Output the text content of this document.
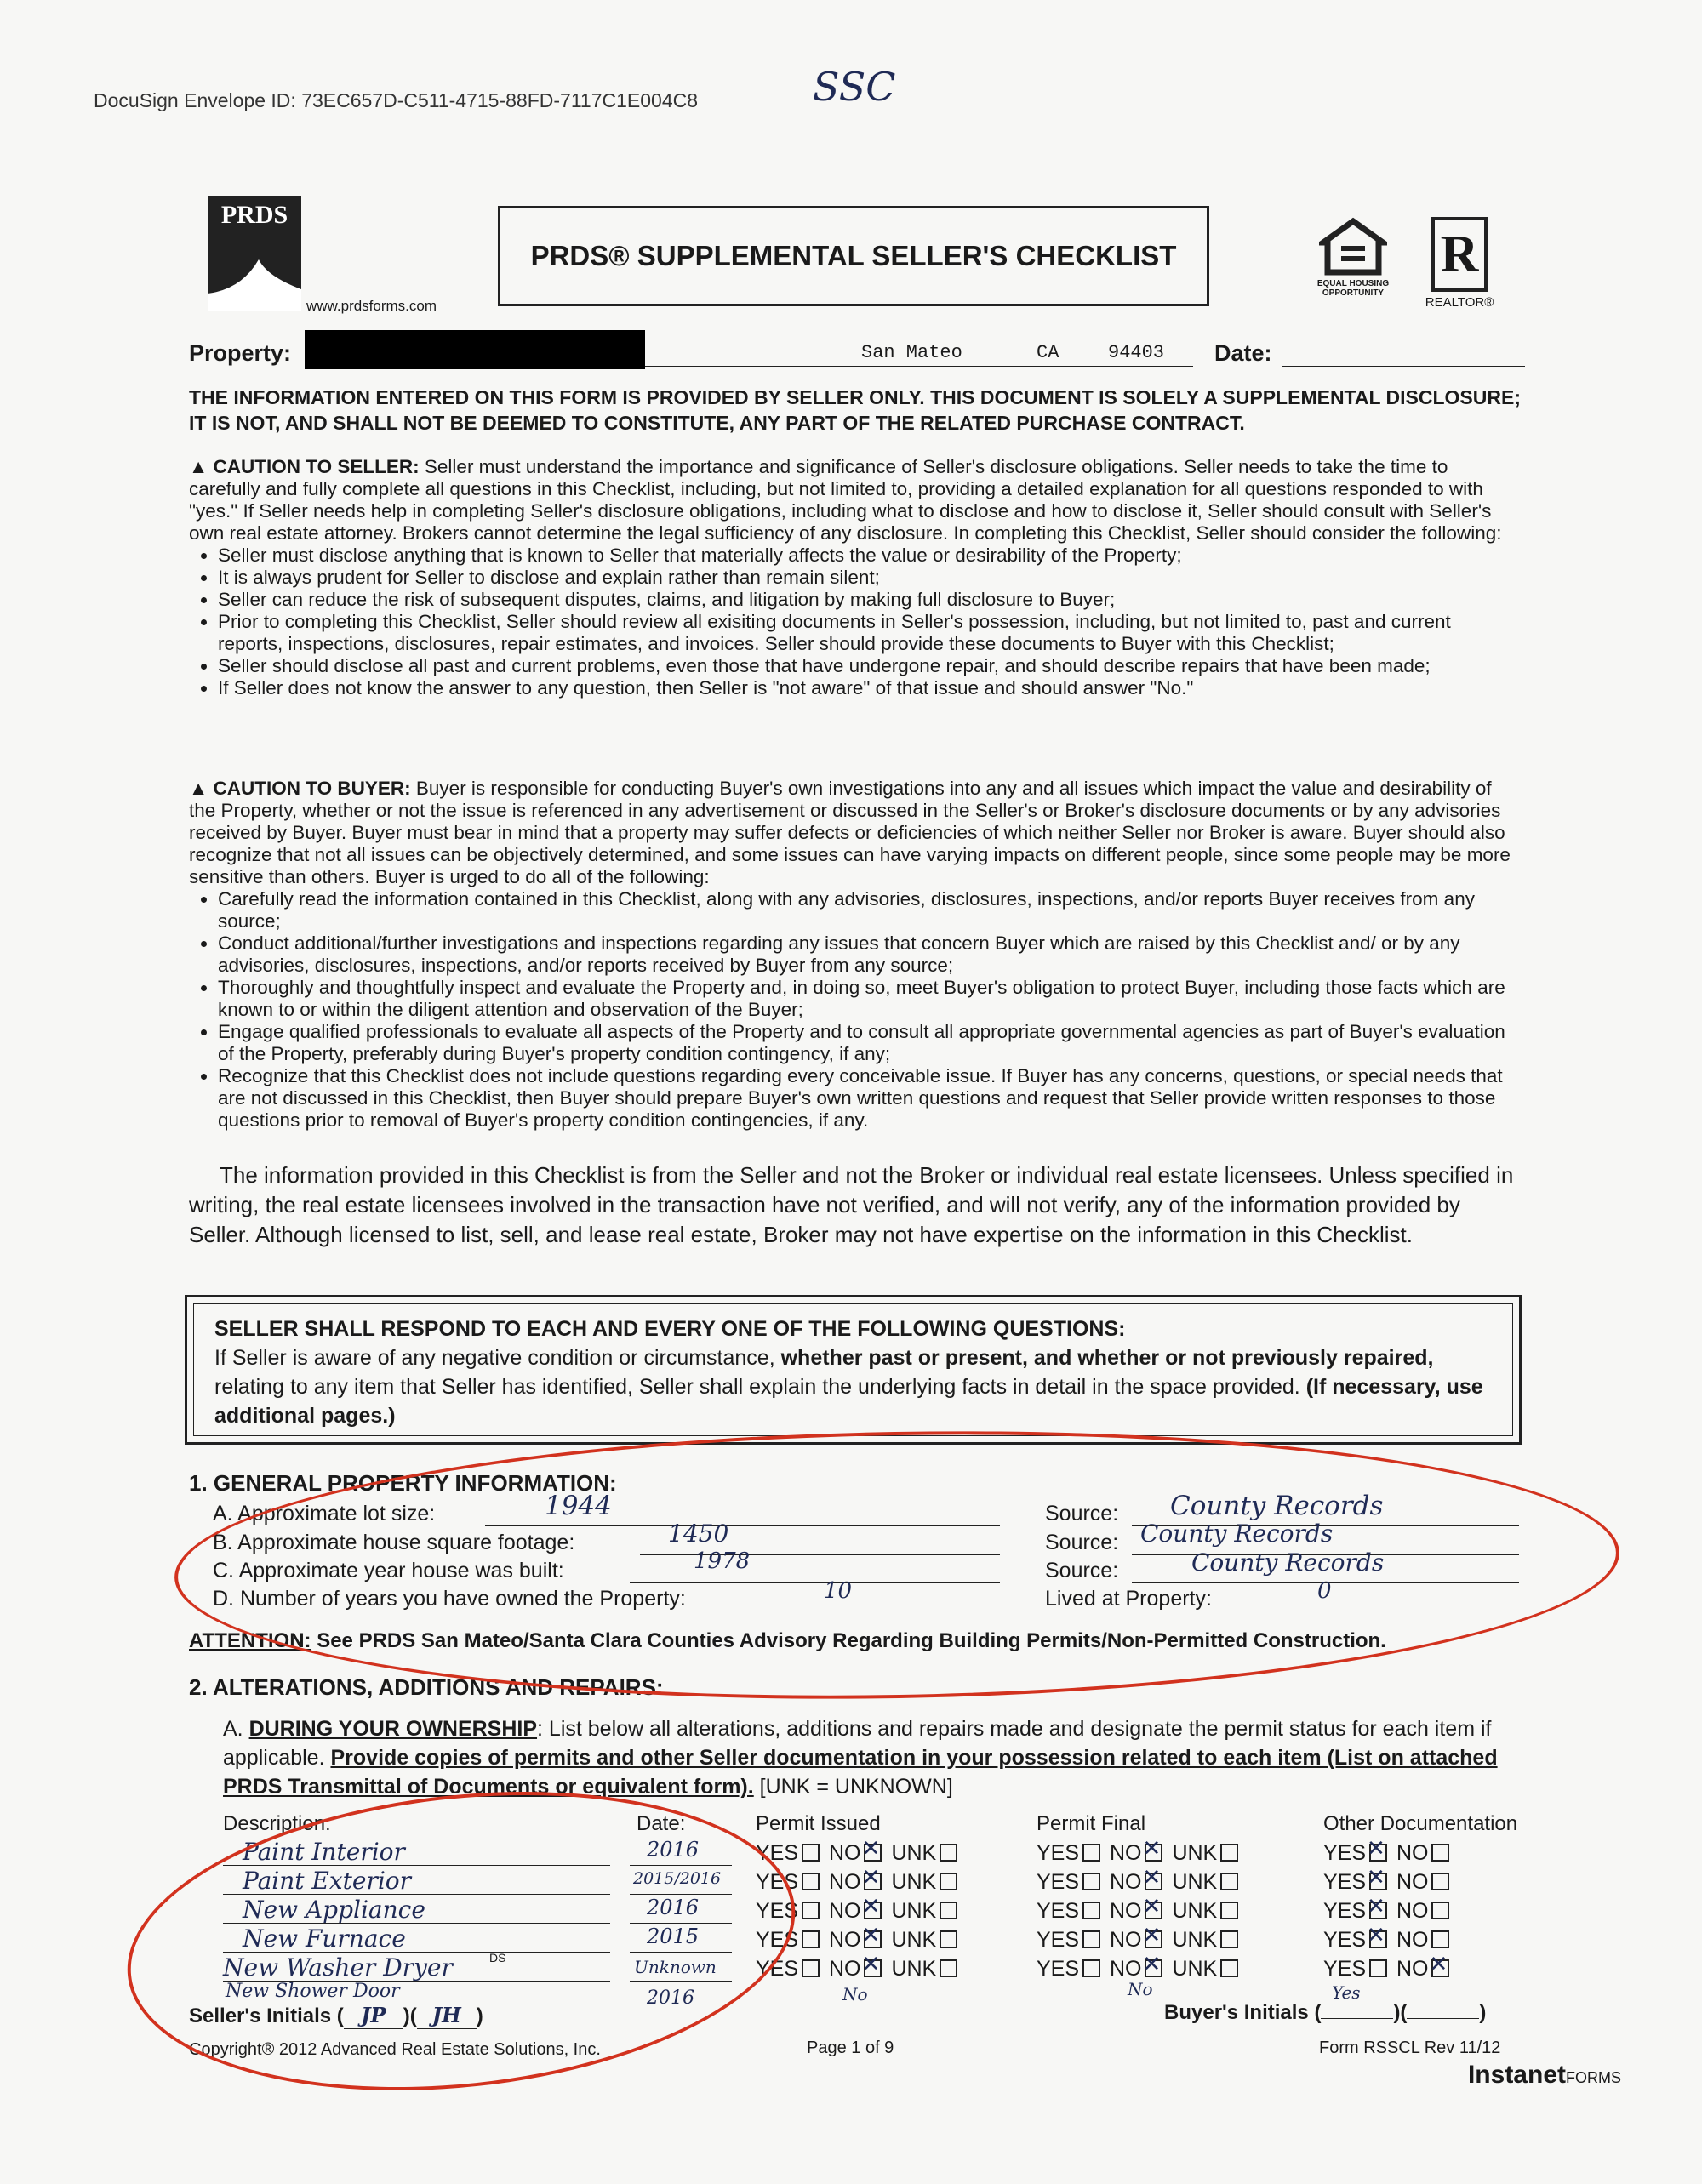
DocuSign Envelope ID: 73EC657D-C511-4715-88FD-7117C1E004C8	SSC
PRDS
www.prdsforms.com
PRDS® SUPPLEMENTAL SELLER'S CHECKLIST
EQUAL HOUSING OPPORTUNITY
R
REALTOR®
Property:	San Mateo	CA	94403 Date:
THE INFORMATION ENTERED ON THIS FORM IS PROVIDED BY SELLER ONLY. THIS DOCUMENT IS SOLELY A SUPPLEMENTAL DISCLOSURE; IT IS NOT, AND SHALL NOT BE DEEMED TO CONSTITUTE, ANY PART OF THE RELATED PURCHASE CONTRACT.
▲ CAUTION TO SELLER: Seller must understand the importance and significance of Seller's disclosure obligations. Seller needs to take the time to carefully and fully complete all questions in this Checklist, including, but not limited to, providing a detailed explanation for all questions responded to with "yes." If Seller needs help in completing Seller's disclosure obligations, including what to disclose and how to disclose it, Seller should consult with Seller's own real estate attorney. Brokers cannot determine the legal sufficiency of any disclosure. In completing this Checklist, Seller should consider the following:
• Seller must disclose anything that is known to Seller that materially affects the value or desirability of the Property;
• It is always prudent for Seller to disclose and explain rather than remain silent;
• Seller can reduce the risk of subsequent disputes, claims, and litigation by making full disclosure to Buyer;
• Prior to completing this Checklist, Seller should review all exisiting documents in Seller's possession, including, but not limited to, past and current reports, inspections, disclosures, repair estimates, and invoices. Seller should provide these documents to Buyer with this Checklist;
• Seller should disclose all past and current problems, even those that have undergone repair, and should describe repairs that have been made;
• If Seller does not know the answer to any question, then Seller is "not aware" of that issue and should answer "No."
▲ CAUTION TO BUYER: Buyer is responsible for conducting Buyer's own investigations into any and all issues which impact the value and desirability of the Property, whether or not the issue is referenced in any advertisement or discussed in the Seller's or Broker's disclosure documents or by any advisories received by Buyer. Buyer must bear in mind that a property may suffer defects or deficiencies of which neither Seller nor Broker is aware. Buyer should also recognize that not all issues can be objectively determined, and some issues can have varying impacts on different people, since some people may be more sensitive than others. Buyer is urged to do all of the following:
• Carefully read the information contained in this Checklist, along with any advisories, disclosures, inspections, and/or reports Buyer receives from any source;
• Conduct additional/further investigations and inspections regarding any issues that concern Buyer which are raised by this Checklist and/ or by any advisories, disclosures, inspections, and/or reports received by Buyer from any source;
• Thoroughly and thoughtfully inspect and evaluate the Property and, in doing so, meet Buyer's obligation to protect Buyer, including those facts which are known to or within the diligent attention and observation of the Buyer;
• Engage qualified professionals to evaluate all aspects of the Property and to consult all appropriate governmental agencies as part of Buyer's evaluation of the Property, preferably during Buyer's property condition contingency, if any;
• Recognize that this Checklist does not include questions regarding every conceivable issue. If Buyer has any concerns, questions, or special needs that are not discussed in this Checklist, then Buyer should prepare Buyer's own written questions and request that Seller provide written responses to those questions prior to removal of Buyer's property condition contingencies, if any.
The information provided in this Checklist is from the Seller and not the Broker or individual real estate licensees. Unless specified in writing, the real estate licensees involved in the transaction have not verified, and will not verify, any of the information provided by Seller. Although licensed to list, sell, and lease real estate, Broker may not have expertise on the information in this Checklist.
SELLER SHALL RESPOND TO EACH AND EVERY ONE OF THE FOLLOWING QUESTIONS:
If Seller is aware of any negative condition or circumstance, whether past or present, and whether or not previously repaired, relating to any item that Seller has identified, Seller shall explain the underlying facts in detail in the space provided. (If necessary, use additional pages.)
1. GENERAL PROPERTY INFORMATION:
A. Approximate lot size:	1944	Source: County Records
B. Approximate house square footage:	1450	Source: County Records
C. Approximate year house was built:	1978	Source:	County Records
D. Number of years you have owned the Property:	10	Lived at Property:	0
ATTENTION: See PRDS San Mateo/Santa Clara Counties Advisory Regarding Building Permits/Non-Permitted Construction.
2. ALTERATIONS, ADDITIONS AND REPAIRS:
A. DURING YOUR OWNERSHIP: List below all alterations, additions and repairs made and designate the permit status for each item if applicable. Provide copies of permits and other Seller documentation in your possession related to each item (List on attached PRDS Transmittal of Documents or equivalent form). [UNK = UNKNOWN]
Description:	Date:	Permit Issued	Permit Final	Other Documentation
Paint Interior	2016	YES NO ✕ UNK	YES NO ✕ UNK	YES ✕ NO
Paint Exterior	2015/2016 YES NO ✕ UNK	YES NO ✕ UNK	YES ✕ NO
New Appliance	2016	YES NO ✕ UNK	YES NO ✕ UNK	YES ✕ NO
New Furnace	2015	YES NO ✕ UNK	YES NO ✕ UNK	YES ✕ NO
New Washer Dryer	DS	Unknown YES NO ✕ UNK	YES NO ✕ UNK	YES NO✕
New Shower Door	2016	No	No	Yes
Seller's Initials ( JP )( JH )	Buyer's Initials (	)(	)
Copyright® 2012 Advanced Real Estate Solutions, Inc.	Page 1 of 9	Form RSSCL Rev 11/12
InstanetFORMS
